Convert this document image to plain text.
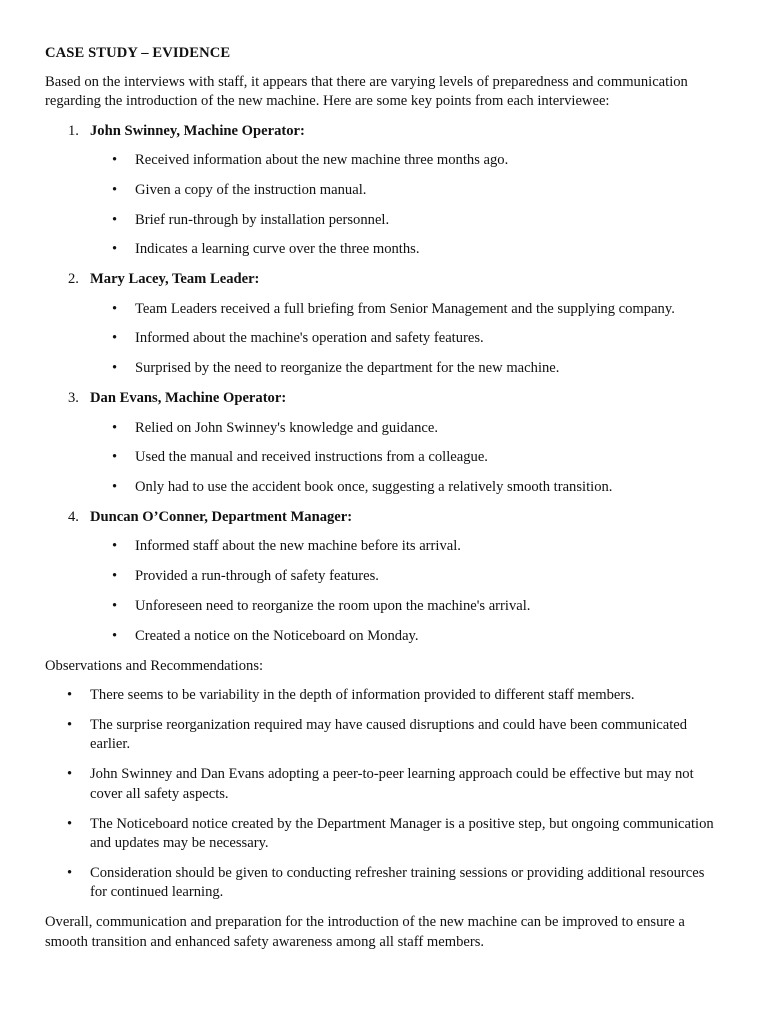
CASE STUDY – EVIDENCE
Based on the interviews with staff, it appears that there are varying levels of preparedness and communication regarding the introduction of the new machine. Here are some key points from each interviewee:
1. John Swinney, Machine Operator:
• Received information about the new machine three months ago.
• Given a copy of the instruction manual.
• Brief run-through by installation personnel.
• Indicates a learning curve over the three months.
2. Mary Lacey, Team Leader:
• Team Leaders received a full briefing from Senior Management and the supplying company.
• Informed about the machine's operation and safety features.
• Surprised by the need to reorganize the department for the new machine.
3. Dan Evans, Machine Operator:
• Relied on John Swinney's knowledge and guidance.
• Used the manual and received instructions from a colleague.
• Only had to use the accident book once, suggesting a relatively smooth transition.
4. Duncan O’Conner, Department Manager:
• Informed staff about the new machine before its arrival.
• Provided a run-through of safety features.
• Unforeseen need to reorganize the room upon the machine's arrival.
• Created a notice on the Noticeboard on Monday.
Observations and Recommendations:
• There seems to be variability in the depth of information provided to different staff members.
• The surprise reorganization required may have caused disruptions and could have been communicated earlier.
• John Swinney and Dan Evans adopting a peer-to-peer learning approach could be effective but may not cover all safety aspects.
• The Noticeboard notice created by the Department Manager is a positive step, but ongoing communication and updates may be necessary.
• Consideration should be given to conducting refresher training sessions or providing additional resources for continued learning.
Overall, communication and preparation for the introduction of the new machine can be improved to ensure a smooth transition and enhanced safety awareness among all staff members.
